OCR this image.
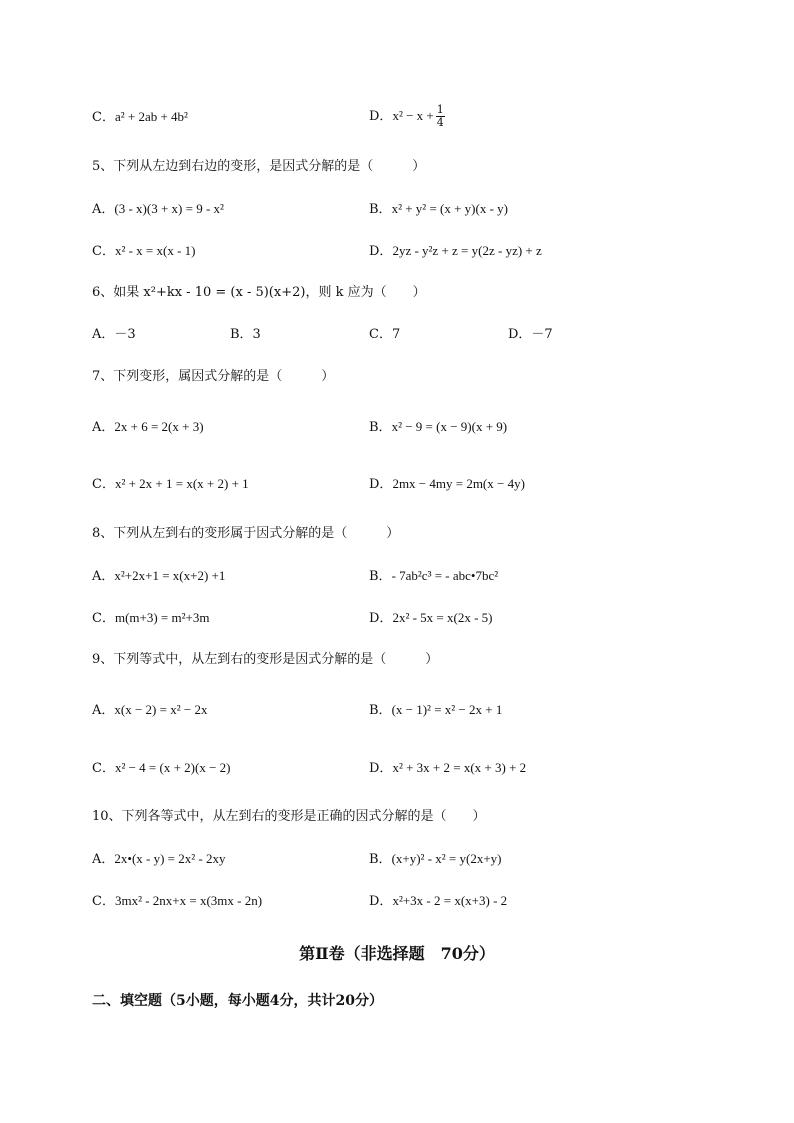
C．a² + 2ab + 4b²	D．$x^2 - x + \frac{1}{4}$
5、下列从左边到右边的变形，是因式分解的是（　　　）
A．(3 - x)(3 + x) = 9 - x²	B．x² + y² = (x + y)(x - y)
C．x² - x = x(x - 1)	D．2yz - y²z + z = y(2z - yz) + z
6、如果 x²+kx - 10 = (x - 5)(x+2)，则 k 应为（　　）
A．－3	B．3	C．7	D．－7
7、下列变形，属因式分解的是（　　　）
A．2x + 6 = 2(x + 3)	B．x² − 9 = (x − 9)(x + 9)
C．x² + 2x + 1 = x(x + 2) + 1	D．2mx − 4my = 2m(x − 4y)
8、下列从左到右的变形属于因式分解的是（　　　）
A．x²+2x+1 = x(x+2) +1	B．- 7ab²c³ = - abc•7bc²
C．m(m+3) = m²+3m	D．2x² - 5x = x(2x - 5)
9、下列等式中，从左到右的变形是因式分解的是（　　　）
A．x(x − 2) = x² − 2x	B．(x − 1)² = x² − 2x + 1
C．x² − 4 = (x + 2)(x − 2)	D．x² + 3x + 2 = x(x + 3) + 2
10、下列各等式中，从左到右的变形是正确的因式分解的是（　　）
A．2x•(x - y) = 2x² - 2xy	B．(x+y)² - x² = y(2x+y)
C．3mx² - 2nx+x = x(3mx - 2n)	D．x²+3x - 2 = x(x+3) - 2
第Ⅱ卷（非选择题　70分）
二、填空题（5小题，每小题4分，共计20分）
